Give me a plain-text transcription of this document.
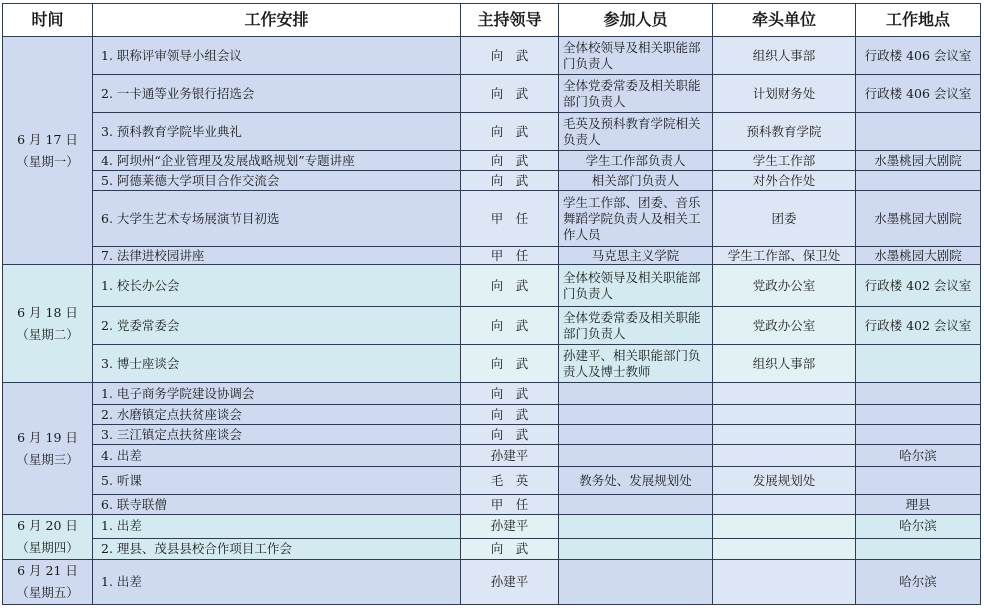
时间	工作安排	主持领导	参加人员	牵头单位	工作地点

6 月 17 日
（星期一）	1. 职称评审领导小组会议	向　武	全体校领导及相关职能部门负责人	组织人事部	行政楼 406 会议室
	2. 一卡通等业务银行招选会	向　武	全体党委常委及相关职能部门负责人	计划财务处	行政楼 406 会议室
	3. 预科教育学院毕业典礼	向　武	毛英及预科教育学院相关负责人	预科教育学院	
	4. 阿坝州“企业管理及发展战略规划”专题讲座	向　武	学生工作部负责人	学生工作部	水墨桃园大剧院
	5. 阿德莱德大学项目合作交流会	向　武	相关部门负责人	对外合作处	
	6. 大学生艺术专场展演节目初选	甲　任	学生工作部、团委、音乐舞蹈学院负责人及相关工作人员	团委	水墨桃园大剧院
	7. 法律进校园讲座	甲　任	马克思主义学院	学生工作部、保卫处	水墨桃园大剧院

6 月 18 日
（星期二）	1. 校长办公会	向　武	全体校领导及相关职能部门负责人	党政办公室	行政楼 402 会议室
	2. 党委常委会	向　武	全体党委常委及相关职能部门负责人	党政办公室	行政楼 402 会议室
	3. 博士座谈会	向　武	孙建平、相关职能部门负责人及博士教师	组织人事部	

6 月 19 日
（星期三）	1. 电子商务学院建设协调会	向　武			
	2. 水磨镇定点扶贫座谈会	向　武			
	3. 三江镇定点扶贫座谈会	向　武			
	4. 出差	孙建平			哈尔滨
	5. 听课	毛　英	教务处、发展规划处	发展规划处	
	6. 联寺联僧	甲　任			理县

6 月 20 日
（星期四）	1. 出差	孙建平			哈尔滨
	2. 理县、茂县县校合作项目工作会	向　武			

6 月 21 日
（星期五）	1. 出差	孙建平			哈尔滨
